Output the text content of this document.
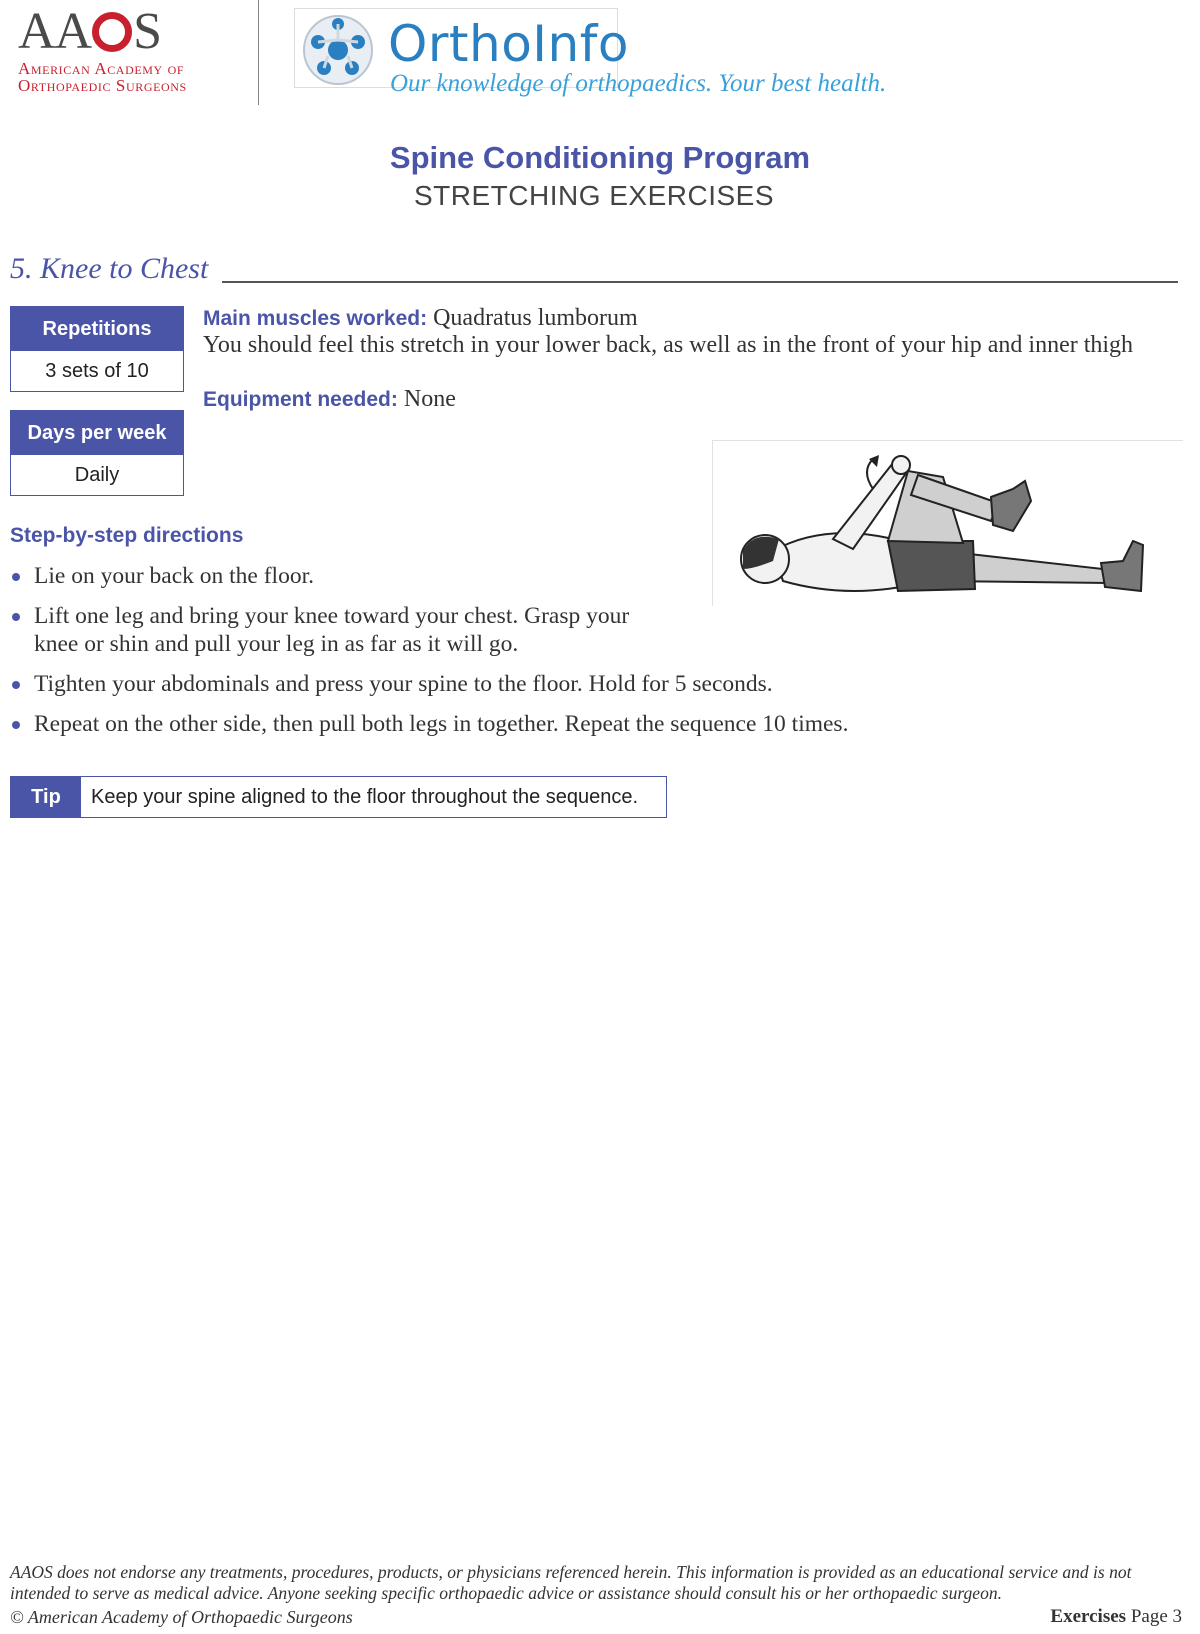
AA S
American Academy of
Orthopaedic Surgeons
OrthoInfo
Our knowledge of orthopaedics. Your best health.
Spine Conditioning Program
STRETCHING EXERCISES
5. Knee to Chest
Repetitions
3 sets of 10
Days per week
Daily
Main muscles worked: Quadratus lumborum
You should feel this stretch in your lower back, as well as in the front of your hip and inner thigh
Equipment needed: None
Step-by-step directions
Lie on your back on the floor.
Lift one leg and bring your knee toward your chest. Grasp your knee or shin and pull your leg in as far as it will go.
Tighten your abdominals and press your spine to the floor. Hold for 5 seconds.
Repeat on the other side, then pull both legs in together. Repeat the sequence 10 times.
Tip	Keep your spine aligned to the floor throughout the sequence.
AAOS does not endorse any treatments, procedures, products, or physicians referenced herein. This information is provided as an educational service and is not intended to serve as medical advice. Anyone seeking specific orthopaedic advice or assistance should consult his or her orthopaedic surgeon.
© American Academy of Orthopaedic Surgeons	Exercises Page 3
